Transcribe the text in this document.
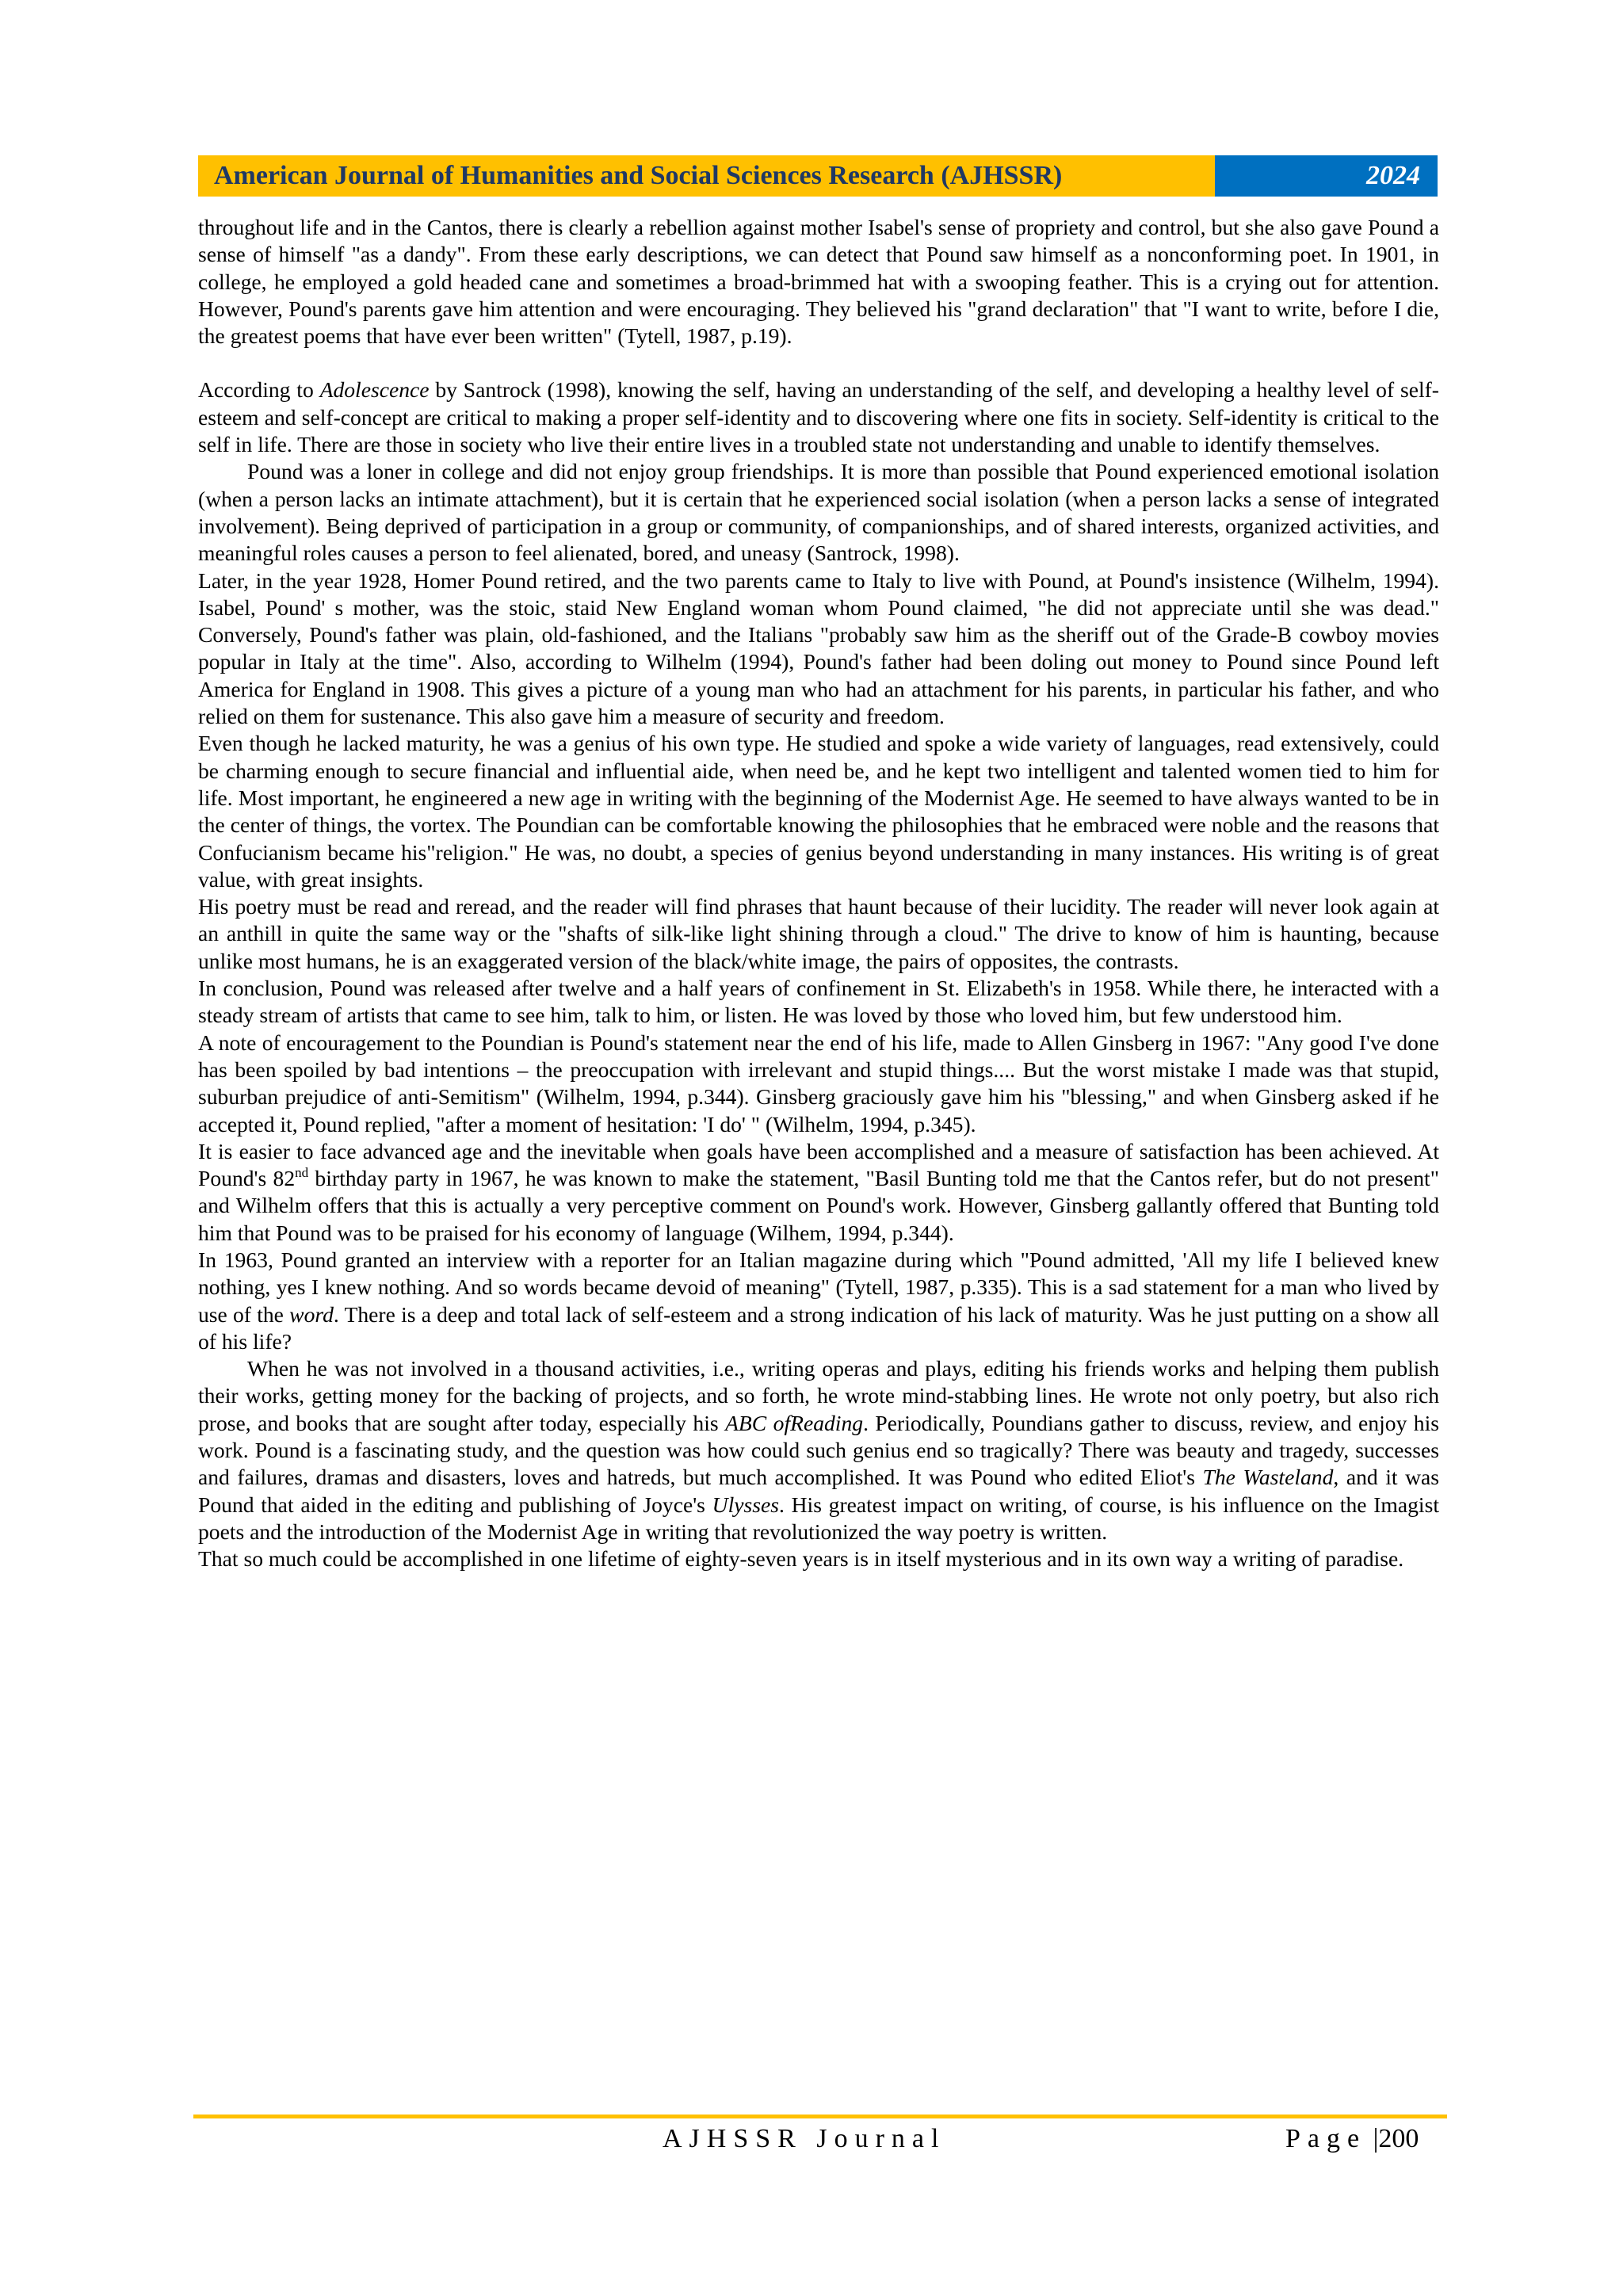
American Journal of Humanities and Social Sciences Research (AJHSSR)	2024

throughout life and in the Cantos, there is clearly a rebellion against mother Isabel's sense of propriety and control, but she also gave Pound a sense of himself "as a dandy". From these early descriptions, we can detect that Pound saw himself as a nonconforming poet. In 1901, in college, he employed a gold headed cane and sometimes a broad-brimmed hat with a swooping feather. This is a crying out for attention. However, Pound's parents gave him attention and were encouraging. They believed his "grand declaration" that "I want to write, before I die, the greatest poems that have ever been written" (Tytell, 1987, p.19).

According to Adolescence by Santrock (1998), knowing the self, having an understanding of the self, and developing a healthy level of self-esteem and self-concept are critical to making a proper self-identity and to discovering where one fits in society. Self-identity is critical to the self in life. There are those in society who live their entire lives in a troubled state not understanding and unable to identify themselves.

Pound was a loner in college and did not enjoy group friendships. It is more than possible that Pound experienced emotional isolation (when a person lacks an intimate attachment), but it is certain that he experienced social isolation (when a person lacks a sense of integrated involvement). Being deprived of participation in a group or community, of companionships, and of shared interests, organized activities, and meaningful roles causes a person to feel alienated, bored, and uneasy (Santrock, 1998).

Later, in the year 1928, Homer Pound retired, and the two parents came to Italy to live with Pound, at Pound's insistence (Wilhelm, 1994). Isabel, Pound' s mother, was the stoic, staid New England woman whom Pound claimed, "he did not appreciate until she was dead." Conversely, Pound's father was plain, old-fashioned, and the Italians "probably saw him as the sheriff out of the Grade-B cowboy movies popular in Italy at the time". Also, according to Wilhelm (1994), Pound's father had been doling out money to Pound since Pound left America for England in 1908. This gives a picture of a young man who had an attachment for his parents, in particular his father, and who relied on them for sustenance. This also gave him a measure of security and freedom.

Even though he lacked maturity, he was a genius of his own type. He studied and spoke a wide variety of languages, read extensively, could be charming enough to secure financial and influential aide, when need be, and he kept two intelligent and talented women tied to him for life. Most important, he engineered a new age in writing with the beginning of the Modernist Age. He seemed to have always wanted to be in the center of things, the vortex. The Poundian can be comfortable knowing the philosophies that he embraced were noble and the reasons that Confucianism became his"religion." He was, no doubt, a species of genius beyond understanding in many instances. His writing is of great value, with great insights.

His poetry must be read and reread, and the reader will find phrases that haunt because of their lucidity. The reader will never look again at an anthill in quite the same way or the "shafts of silk-like light shining through a cloud." The drive to know of him is haunting, because unlike most humans, he is an exaggerated version of the black/white image, the pairs of opposites, the contrasts.

In conclusion, Pound was released after twelve and a half years of confinement in St. Elizabeth's in 1958. While there, he interacted with a steady stream of artists that came to see him, talk to him, or listen. He was loved by those who loved him, but few understood him.

A note of encouragement to the Poundian is Pound's statement near the end of his life, made to Allen Ginsberg in 1967: "Any good I've done has been spoiled by bad intentions – the preoccupation with irrelevant and stupid things.... But the worst mistake I made was that stupid, suburban prejudice of anti-Semitism" (Wilhelm, 1994, p.344). Ginsberg graciously gave him his "blessing," and when Ginsberg asked if he accepted it, Pound replied, "after a moment of hesitation: 'I do' " (Wilhelm, 1994, p.345).

It is easier to face advanced age and the inevitable when goals have been accomplished and a measure of satisfaction has been achieved. At Pound's 82nd birthday party in 1967, he was known to make the statement, "Basil Bunting told me that the Cantos refer, but do not present" and Wilhelm offers that this is actually a very perceptive comment on Pound's work. However, Ginsberg gallantly offered that Bunting told him that Pound was to be praised for his economy of language (Wilhem, 1994, p.344).

In 1963, Pound granted an interview with a reporter for an Italian magazine during which "Pound admitted, 'All my life I believed knew nothing, yes I knew nothing. And so words became devoid of meaning" (Tytell, 1987, p.335). This is a sad statement for a man who lived by use of the word. There is a deep and total lack of self-esteem and a strong indication of his lack of maturity. Was he just putting on a show all of his life?

When he was not involved in a thousand activities, i.e., writing operas and plays, editing his friends works and helping them publish their works, getting money for the backing of projects, and so forth, he wrote mind-stabbing lines. He wrote not only poetry, but also rich prose, and books that are sought after today, especially his ABC ofReading. Periodically, Poundians gather to discuss, review, and enjoy his work. Pound is a fascinating study, and the question was how could such genius end so tragically? There was beauty and tragedy, successes and failures, dramas and disasters, loves and hatreds, but much accomplished. It was Pound who edited Eliot's The Wasteland, and it was Pound that aided in the editing and publishing of Joyce's Ulysses. His greatest impact on writing, of course, is his influence on the Imagist poets and the introduction of the Modernist Age in writing that revolutionized the way poetry is written.

That so much could be accomplished in one lifetime of eighty-seven years is in itself mysterious and in its own way a writing of paradise.

AJHSSR Journal	Page |200
